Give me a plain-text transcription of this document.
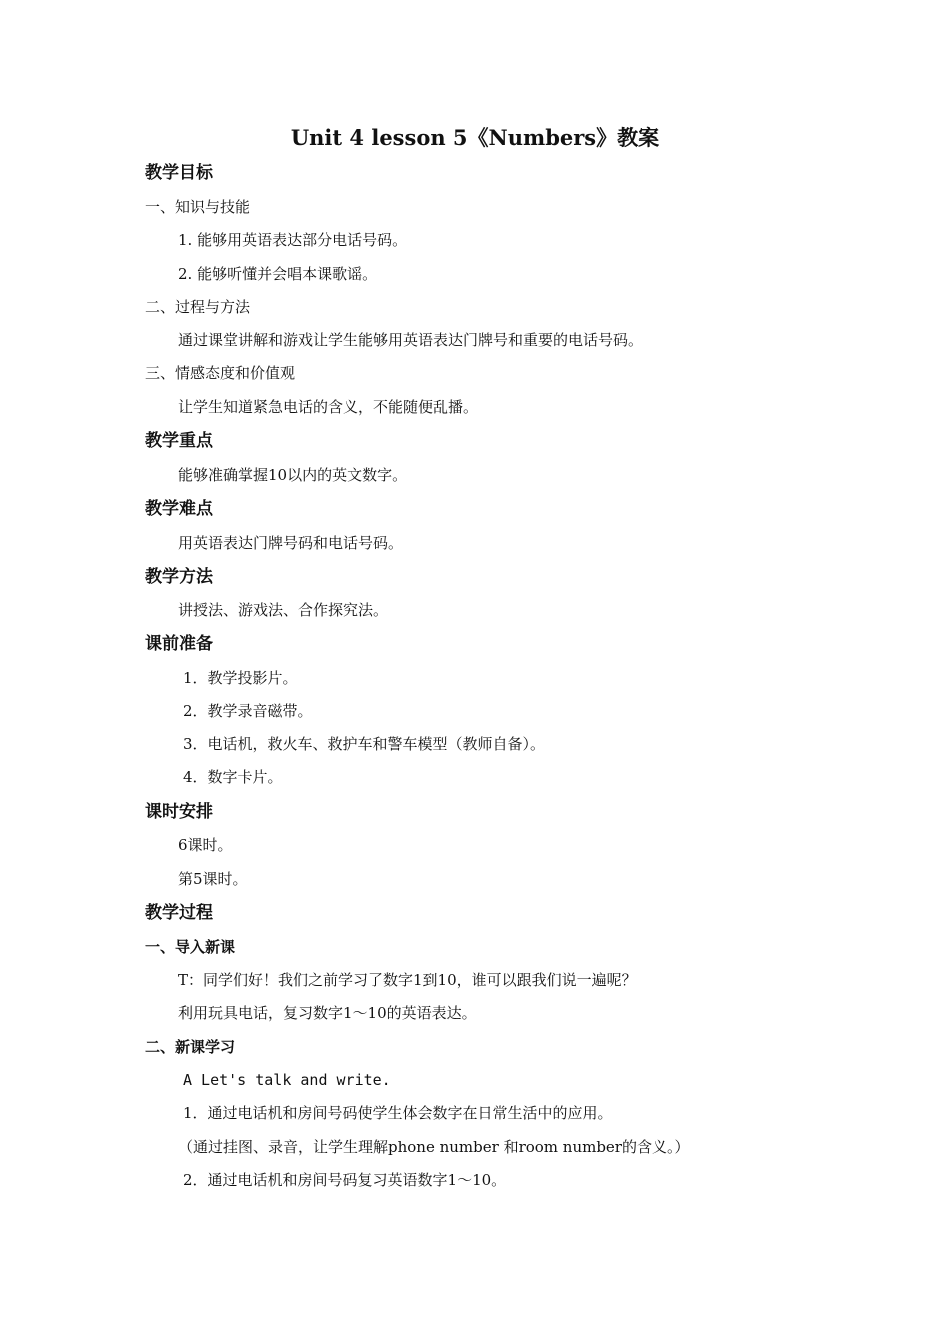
Unit 4 lesson 5《Numbers》教案
教学目标
一、知识与技能
1. 能够用英语表达部分电话号码。
2. 能够听懂并会唱本课歌谣。
二、过程与方法
通过课堂讲解和游戏让学生能够用英语表达门牌号和重要的电话号码。
三、情感态度和价值观
让学生知道紧急电话的含义，不能随便乱播。
教学重点
能够准确掌握10以内的英文数字。
教学难点
用英语表达门牌号码和电话号码。
教学方法
讲授法、游戏法、合作探究法。
课前准备
1．教学投影片。
2．教学录音磁带。
3．电话机，救火车、救护车和警车模型（教师自备）。
4．数字卡片。
课时安排
6课时。
第5课时。
教学过程
一、导入新课
T：同学们好！我们之前学习了数字1到10，谁可以跟我们说一遍呢？
利用玩具电话，复习数字1～10的英语表达。
二、新课学习
A Let's talk and write.
1．通过电话机和房间号码使学生体会数字在日常生活中的应用。
（通过挂图、录音，让学生理解phone number 和room number的含义。）
2．通过电话机和房间号码复习英语数字1～10。
